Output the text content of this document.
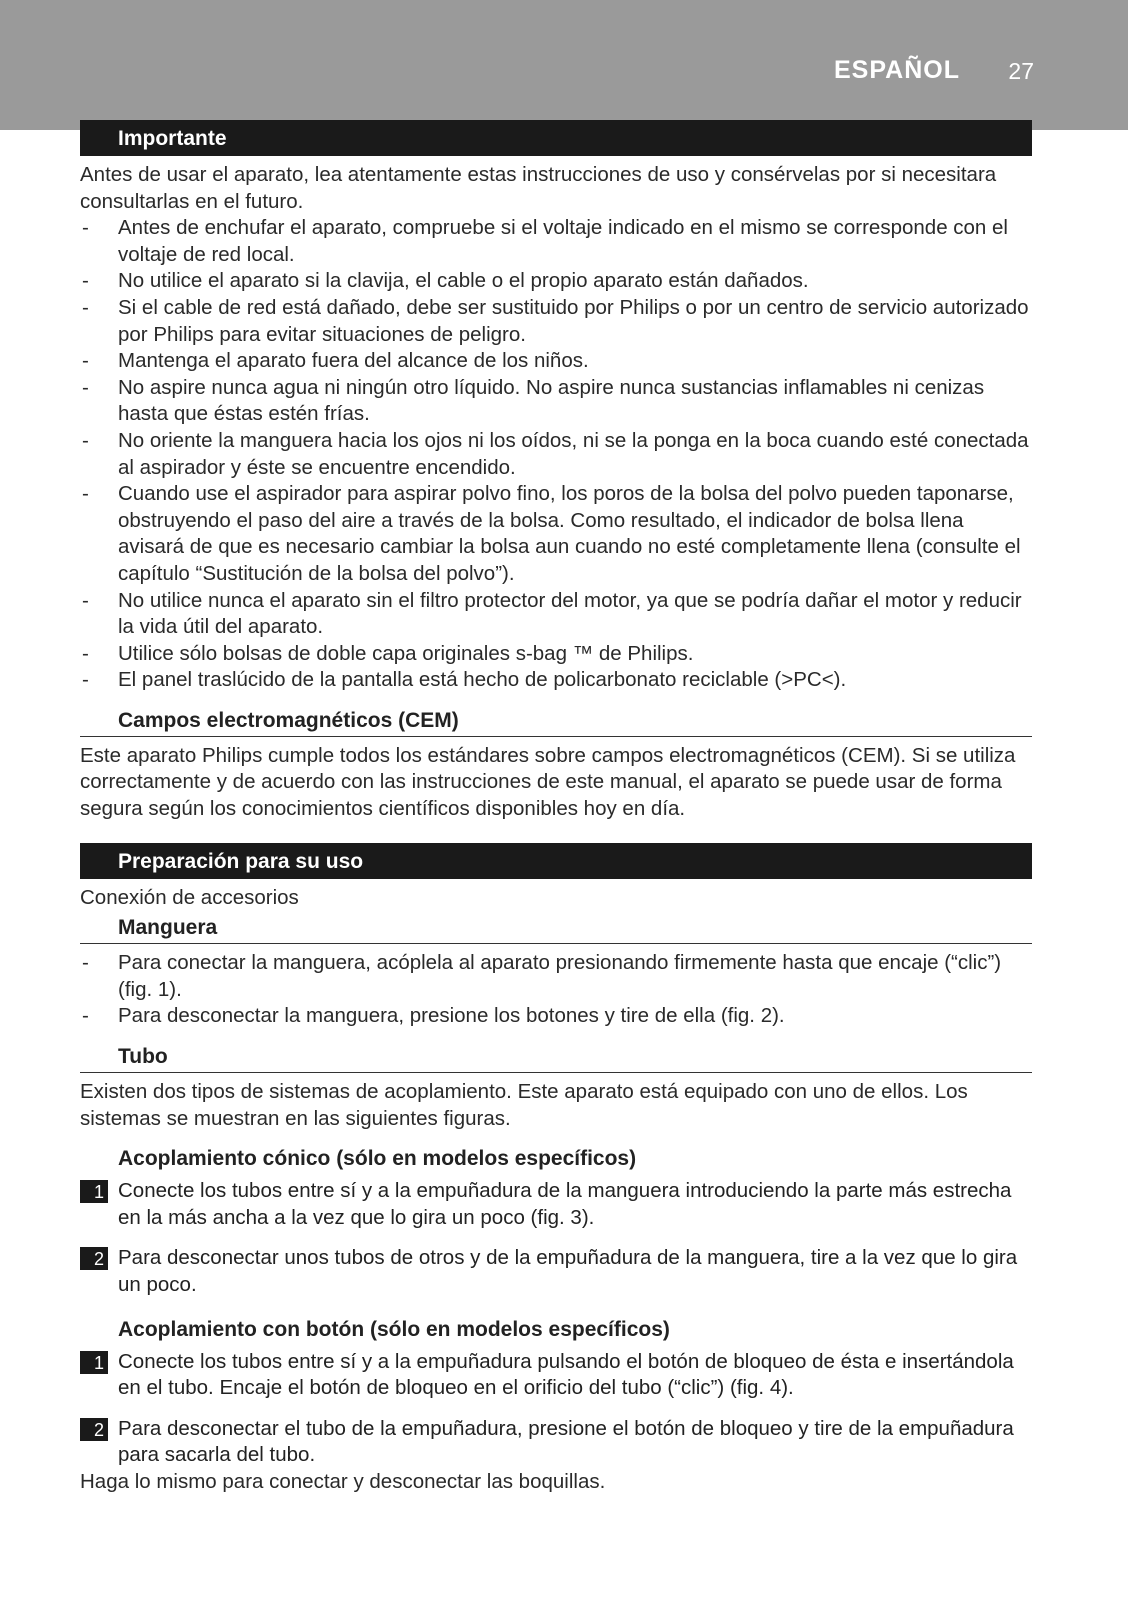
ESPAÑOL 27
Importante

Antes de usar el aparato, lea atentamente estas instrucciones de uso y consérvelas por si necesitara consultarlas en el futuro.

- Antes de enchufar el aparato, compruebe si el voltaje indicado en el mismo se corresponde con el voltaje de red local.
- No utilice el aparato si la clavija, el cable o el propio aparato están dañados.
- Si el cable de red está dañado, debe ser sustituido por Philips o por un centro de servicio autorizado por Philips para evitar situaciones de peligro.
- Mantenga el aparato fuera del alcance de los niños.
- No aspire nunca agua ni ningún otro líquido. No aspire nunca sustancias inflamables ni cenizas hasta que éstas estén frías.
- No oriente la manguera hacia los ojos ni los oídos, ni se la ponga en la boca cuando esté conectada al aspirador y éste se encuentre encendido.
- Cuando use el aspirador para aspirar polvo fino, los poros de la bolsa del polvo pueden taponarse, obstruyendo el paso del aire a través de la bolsa. Como resultado, el indicador de bolsa llena avisará de que es necesario cambiar la bolsa aun cuando no esté completamente llena (consulte el capítulo “Sustitución de la bolsa del polvo”).
- No utilice nunca el aparato sin el filtro protector del motor, ya que se podría dañar el motor y reducir la vida útil del aparato.
- Utilice sólo bolsas de doble capa originales s-bag ™ de Philips.
- El panel traslúcido de la pantalla está hecho de policarbonato reciclable (>PC<).
Campos electromagnéticos (CEM)

Este aparato Philips cumple todos los estándares sobre campos electromagnéticos (CEM). Si se utiliza correctamente y de acuerdo con las instrucciones de este manual, el aparato se puede usar de forma segura según los conocimientos científicos disponibles hoy en día.

Preparación para su uso

Conexión de accesorios

Manguera
- Para conectar la manguera, acóplela al aparato presionando firmemente hasta que encaje (“clic”) (fig. 1).
- Para desconectar la manguera, presione los botones y tire de ella (fig. 2).
Tubo

Existen dos tipos de sistemas de acoplamiento. Este aparato está equipado con uno de ellos. Los sistemas se muestran en las siguientes figuras.

Acoplamiento cónico (sólo en modelos específicos)
1 Conecte los tubos entre sí y a la empuñadura de la manguera introduciendo la parte más estrecha en la más ancha a la vez que lo gira un poco (fig. 3).
2 Para desconectar unos tubos de otros y de la empuñadura de la manguera, tire a la vez que lo gira un poco.
Acoplamiento con botón (sólo en modelos específicos)
1 Conecte los tubos entre sí y a la empuñadura pulsando el botón de bloqueo de ésta e insertándola en el tubo. Encaje el botón de bloqueo en el orificio del tubo (“clic”) (fig. 4).
2 Para desconectar el tubo de la empuñadura, presione el botón de bloqueo y tire de la empuñadura para sacarla del tubo.

Haga lo mismo para conectar y desconectar las boquillas.
